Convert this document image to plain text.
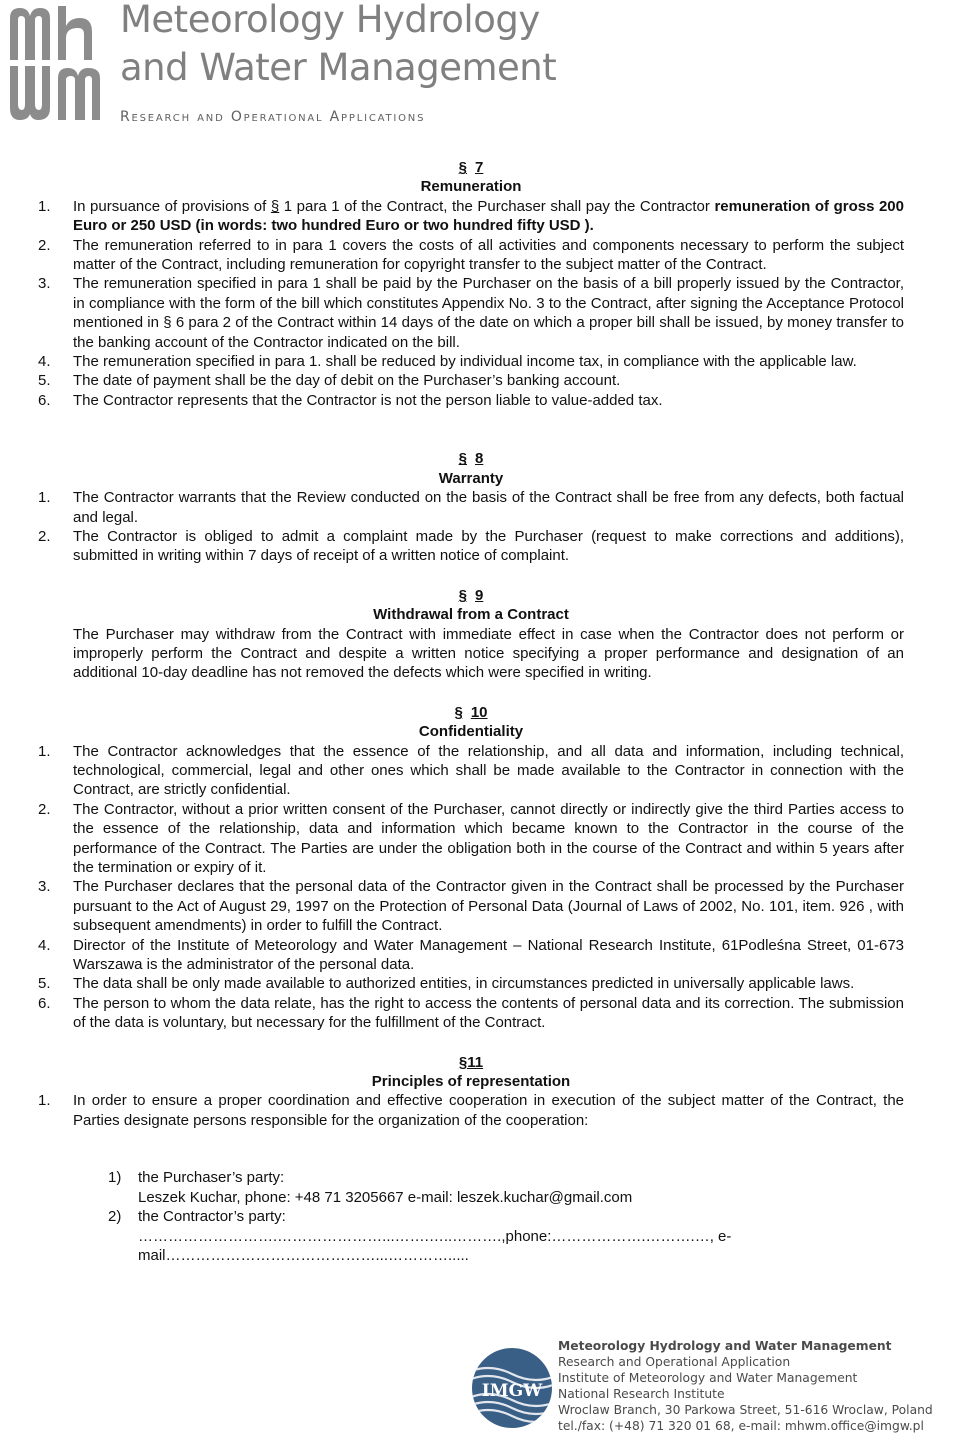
Meteorology Hydrology
and Water Management
Research and Operational Applications
§ 7
Remuneration
1. In pursuance of provisions of § 1 para 1 of the Contract, the Purchaser shall pay the Contractor remuneration of gross 200 Euro or 250 USD (in words: two hundred Euro or two hundred fifty USD ).
2. The remuneration referred to in para 1 covers the costs of all activities and components necessary to perform the subject matter of the Contract, including remuneration for copyright transfer to the subject matter of the Contract.
3. The remuneration specified in para 1 shall be paid by the Purchaser on the basis of a bill properly issued by the Contractor, in compliance with the form of the bill which constitutes Appendix No. 3 to the Contract, after signing the Acceptance Protocol mentioned in § 6 para 2 of the Contract within 14 days of the date on which a proper bill shall be issued, by money transfer to the banking account of the Contractor indicated on the bill.
4. The remuneration specified in para 1. shall be reduced by individual income tax, in compliance with the applicable law.
5. The date of payment shall be the day of debit on the Purchaser’s banking account.
6. The Contractor represents that the Contractor is not the person liable to value-added tax.
§ 8
Warranty
1. The Contractor warrants that the Review conducted on the basis of the Contract shall be free from any defects, both factual and legal.
2. The Contractor is obliged to admit a complaint made by the Purchaser (request to make corrections and additions), submitted in writing within 7 days of receipt of a written notice of complaint.
§ 9
Withdrawal from a Contract
The Purchaser may withdraw from the Contract with immediate effect in case when the Contractor does not perform or improperly perform the Contract and despite a written notice specifying a proper performance and designation of an additional 10-day deadline has not removed the defects which were specified in writing.
§ 10
Confidentiality
1. The Contractor acknowledges that the essence of the relationship, and all data and information, including technical, technological, commercial, legal and other ones which shall be made available to the Contractor in connection with the Contract, are strictly confidential.
2. The Contractor, without a prior written consent of the Purchaser, cannot directly or indirectly give the third Parties access to the essence of the relationship, data and information which became known to the Contractor in the course of the performance of the Contract. The Parties are under the obligation both in the course of the Contract and within 5 years after the termination or expiry of it.
3. The Purchaser declares that the personal data of the Contractor given in the Contract shall be processed by the Purchaser pursuant to the Act of August 29, 1997 on the Protection of Personal Data (Journal of Laws of 2002, No. 101, item. 926 , with subsequent amendments) in order to fulfill the Contract.
4. Director of the Institute of Meteorology and Water Management – National Research Institute, 61Podleśna Street, 01-673 Warszawa is the administrator of the personal data.
5. The data shall be only made available to authorized entities, in circumstances predicted in universally applicable laws.
6. The person to whom the data relate, has the right to access the contents of personal data and its correction. The submission of the data is voluntary, but necessary for the fulfillment of the Contract.
§11
Principles of representation
1. In order to ensure a proper coordination and effective cooperation in execution of the subject matter of the Contract, the Parties designate persons responsible for the organization of the cooperation:
1) the Purchaser’s party:
Leszek Kuchar, phone: +48 71 3205667 e-mail: leszek.kuchar@gmail.com
2) the Contractor’s party:
……………………….…………………...…….…..……….,phone:……………….……….…, e-mail……………………………………...………….....
IMGW
Meteorology Hydrology and Water Management
Research and Operational Application
Institute of Meteorology and Water Management
National Research Institute
Wroclaw Branch, 30 Parkowa Street, 51-616 Wroclaw, Poland
tel./fax: (+48) 71 320 01 68, e-mail: mhwm.office@imgw.pl
